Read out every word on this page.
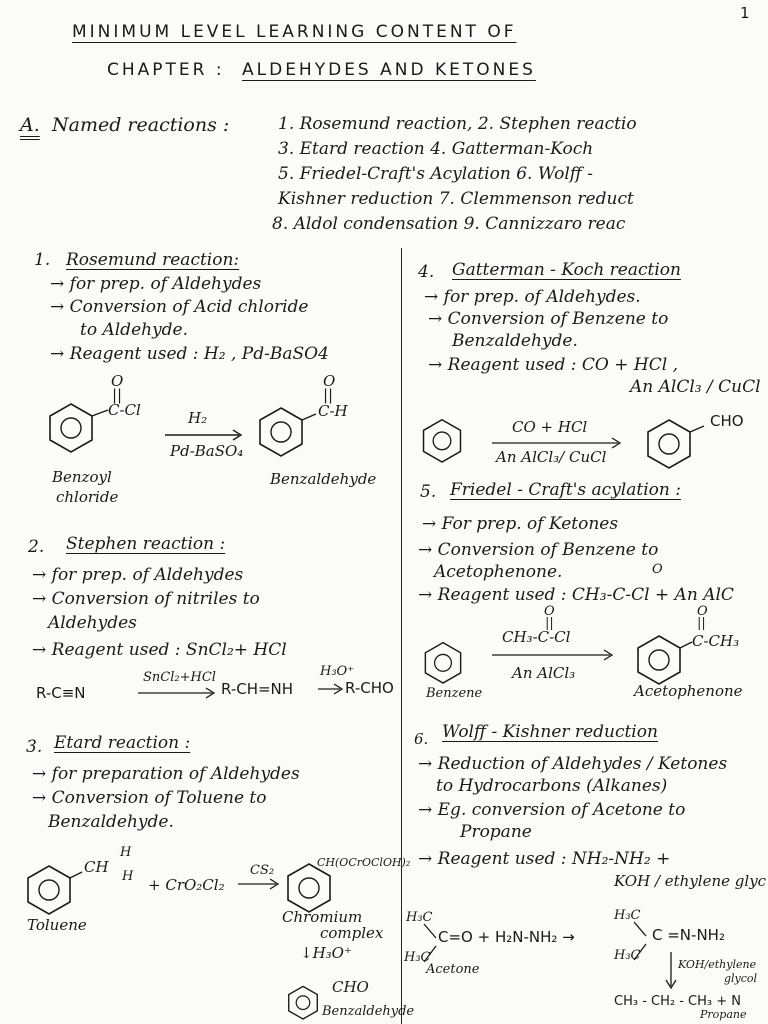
1
MINIMUM LEVEL LEARNING CONTENT OF
CHAPTER : ALDEHYDES AND KETONES
A. Named reactions :	1. Rosemund reaction, 2. Stephen reactio
3. Etard reaction 4. Gatterman-Koch
5. Friedel-Craft's Acylation 6. Wolff -
Kishner reduction 7. Clemmenson reduct
8. Aldol condensation 9. Cannizzaro reac
1. Rosemund reaction:
→ for prep. of Aldehydes
→ Conversion of Acid chloride
to Aldehyde.
→ Reagent used : H₂ , Pd-BaSO4
O
||
C-Cl	H₂
Pd-BaSO₄
O
||
C-H
Benzoyl
chloride
Benzaldehyde
2. Stephen reaction :
→ for prep. of Aldehydes
→ Conversion of nitriles to
Aldehydes
→ Reagent used : SnCl₂+ HCl
R-C≡N
SnCl₂+HCl
R-CH=NH
H₃O⁺
R-CHO
3. Etard reaction :
→ for preparation of Aldehydes
→ Conversion of Toluene to
Benzaldehyde.
CH
H
H + CrO₂Cl₂
CS₂
CH(OCrOClOH)₂
Toluene	Chromium
complex
↓H₃O⁺
CHO
Benzaldehyde
4. Gatterman - Koch reaction
→ for prep. of Aldehydes.
→ Conversion of Benzene to
Benzaldehyde.
→ Reagent used : CO + HCl ,
An AlCl₃ / CuCl
CO + HCl
An AlCl₃/ CuCl
CHO
5. Friedel - Craft's acylation :
→ For prep. of Ketones
→ Conversion of Benzene to
Acetophenone.
→ Reagent used : CH₃-C-Cl + An AlC
O
O
||
CH₃-C-Cl
An AlCl₃
O
||
C-CH₃
Benzene	Acetophenone
6. Wolff - Kishner reduction
→ Reduction of Aldehydes / Ketones
to Hydrocarbons (Alkanes)
→ Eg. conversion of Acetone to
Propane
→ Reagent used : NH₂-NH₂ +
KOH / ethylene glyc
H₃C
H₃C
C=O + H₂N-NH₂ →
Acetone
H₃C
H₃C
C =N-NH₂
KOH/ethylene
glycol
CH₃ - CH₂ - CH₃ + N
Propane
